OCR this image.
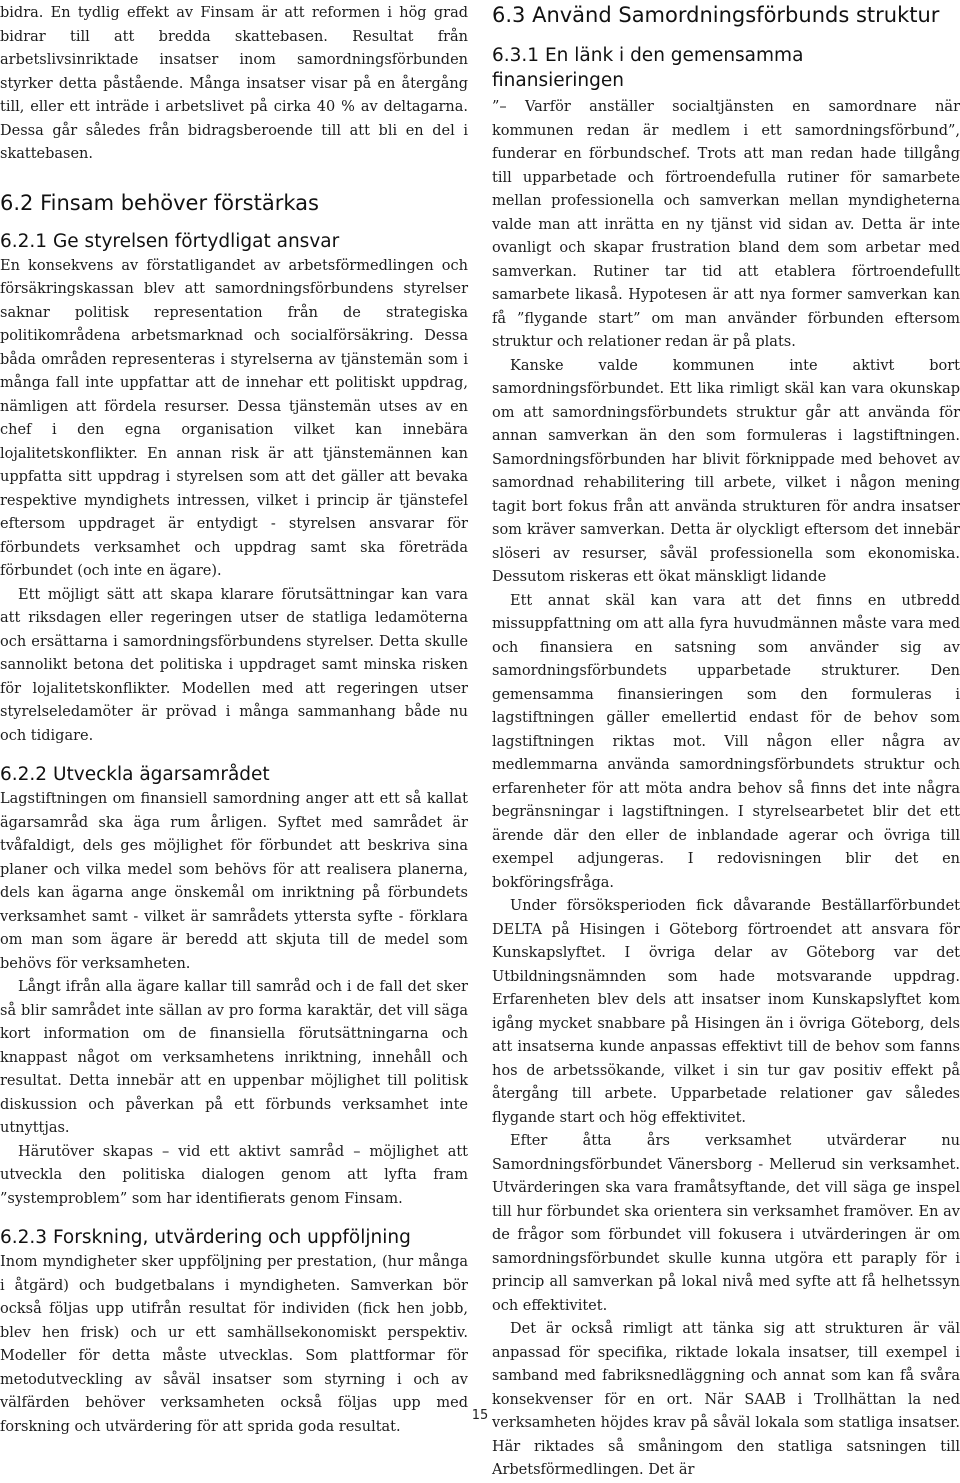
bidra. En tydlig effekt av Finsam är att reformen i hög grad bidrar till att bredda skattebasen. Resultat från arbetslivsinriktade insatser inom samordningsförbunden styrker detta påstående. Många insatser visar på en återgång till, eller ett inträde i arbetslivet på cirka 40 % av deltagarna. Dessa går således från bidragsberoende till att bli en del i skattebasen.

6.2 Finsam behöver förstärkas
6.2.1 Ge styrelsen förtydligat ansvar

En konsekvens av förstatligandet av arbetsförmedlingen och försäkringskassan blev att samordningsförbundens styrelser saknar politisk representation från de strategiska politikområdena arbetsmarknad och socialförsäkring. Dessa båda områden representeras i styrelserna av tjänstemän som i många fall inte uppfattar att de innehar ett politiskt uppdrag, nämligen att fördela resurser. Dessa tjänstemän utses av en chef i den egna organisation vilket kan innebära lojalitetskonflikter. En annan risk är att tjänstemännen kan uppfatta sitt uppdrag i styrelsen som att det gäller att bevaka respektive myndighets intressen, vilket i princip är tjänstefel eftersom uppdraget är entydigt - styrelsen ansvarar för förbundets verksamhet och uppdrag samt ska företräda förbundet (och inte en ägare).

Ett möjligt sätt att skapa klarare förutsättningar kan vara att riksdagen eller regeringen utser de statliga ledamöterna och ersättarna i samordningsförbundens styrelser. Detta skulle sannolikt betona det politiska i uppdraget samt minska risken för lojalitetskonflikter. Modellen med att regeringen utser styrelseledamöter är prövad i många sammanhang både nu och tidigare.

6.2.2 Utveckla ägarsamrådet

Lagstiftningen om finansiell samordning anger att ett så kallat ägarsamråd ska äga rum årligen. Syftet med samrådet är tvåfaldigt, dels ges möjlighet för förbundet att beskriva sina planer och vilka medel som behövs för att realisera planerna, dels kan ägarna ange önskemål om inriktning på förbundets verksamhet samt - vilket är samrådets yttersta syfte - förklara om man som ägare är beredd att skjuta till de medel som behövs för verksamheten.

Långt ifrån alla ägare kallar till samråd och i de fall det sker så blir samrådet inte sällan av pro forma karaktär, det vill säga kort information om de finansiella förutsättningarna och knappast något om verksamhetens inriktning, innehåll och resultat. Detta innebär att en uppenbar möjlighet till politisk diskussion och påverkan på ett förbunds verksamhet inte utnyttjas.

Härutöver skapas – vid ett aktivt samråd – möjlighet att utveckla den politiska dialogen genom att lyfta fram ”systemproblem” som har identifierats genom Finsam.

6.2.3 Forskning, utvärdering och uppföljning

Inom myndigheter sker uppföljning per prestation, (hur många i åtgärd) och budgetbalans i myndigheten. Samverkan bör också följas upp utifrån resultat för individen (fick hen jobb, blev hen frisk) och ur ett samhällsekonomiskt perspektiv. Modeller för detta måste utvecklas. Som plattformar för metodutveckling av såväl insatser som styrning i och av välfärden behöver verksamheten också följas upp med forskning och utvärdering för att sprida goda resultat.

6.3 Använd Samordningsförbunds struktur
6.3.1 En länk i den gemensamma finansieringen

”– Varför anställer socialtjänsten en samordnare när kommunen redan är medlem i ett samordningsförbund”, funderar en förbundschef. Trots att man redan hade tillgång till upparbetade och förtroendefulla rutiner för samarbete mellan professionella och samverkan mellan myndigheterna valde man att inrätta en ny tjänst vid sidan av. Detta är inte ovanligt och skapar frustration bland dem som arbetar med samverkan. Rutiner tar tid att etablera förtroendefullt samarbete likaså. Hypotesen är att nya former samverkan kan få ”flygande start” om man använder förbunden eftersom struktur och relationer redan är på plats.

Kanske valde kommunen inte aktivt bort samordningsförbundet. Ett lika rimligt skäl kan vara okunskap om att samordningsförbundets struktur går att använda för annan samverkan än den som formuleras i lagstiftningen. Samordningsförbunden har blivit förknippade med behovet av samordnad rehabilitering till arbete, vilket i någon mening tagit bort fokus från att använda strukturen för andra insatser som kräver samverkan. Detta är olyckligt eftersom det innebär slöseri av resurser, såväl professionella som ekonomiska. Dessutom riskeras ett ökat mänskligt lidande

Ett annat skäl kan vara att det finns en utbredd missuppfattning om att alla fyra huvudmännen måste vara med och finansiera en satsning som använder sig av samordningsförbundets upparbetade strukturer. Den gemensamma finansieringen som den formuleras i lagstiftningen gäller emellertid endast för de behov som lagstiftningen riktas mot. Vill någon eller några av medlemmarna använda samordningsförbundets struktur och erfarenheter för att möta andra behov så finns det inte några begränsningar i lagstiftningen. I styrelsearbetet blir det ett ärende där den eller de inblandade agerar och övriga till exempel adjungeras. I redovisningen blir det en bokföringsfråga.

Under försöksperioden fick dåvarande Beställarförbundet DELTA på Hisingen i Göteborg förtroendet att ansvara för Kunskapslyftet. I övriga delar av Göteborg var det Utbildningsnämnden som hade motsvarande uppdrag. Erfarenheten blev dels att insatser inom Kunskapslyftet kom igång mycket snabbare på Hisingen än i övriga Göteborg, dels att insatserna kunde anpassas effektivt till de behov som fanns hos de arbetssökande, vilket i sin tur gav positiv effekt på återgång till arbete. Upparbetade relationer gav således flygande start och hög effektivitet.

Efter åtta års verksamhet utvärderar nu Samordningsförbundet Vänersborg - Mellerud sin verksamhet. Utvärderingen ska vara framåtsyftande, det vill säga ge inspel till hur förbundet ska orientera sin verksamhet framöver. En av de frågor som förbundet vill fokusera i utvärderingen är om samordningsförbundet skulle kunna utgöra ett paraply för i princip all samverkan på lokal nivå med syfte att få helhetssyn och effektivitet.

Det är också rimligt att tänka sig att strukturen är väl anpassad för specifika, riktade lokala insatser, till exempel i samband med fabriksnedläggning och annat som kan få svåra konsekvenser för en ort. När SAAB i Trollhättan la ned verksamheten höjdes krav på såväl lokala som statliga insatser. Här riktades så småningom den statliga satsningen till Arbetsförmedlingen. Det är

15
